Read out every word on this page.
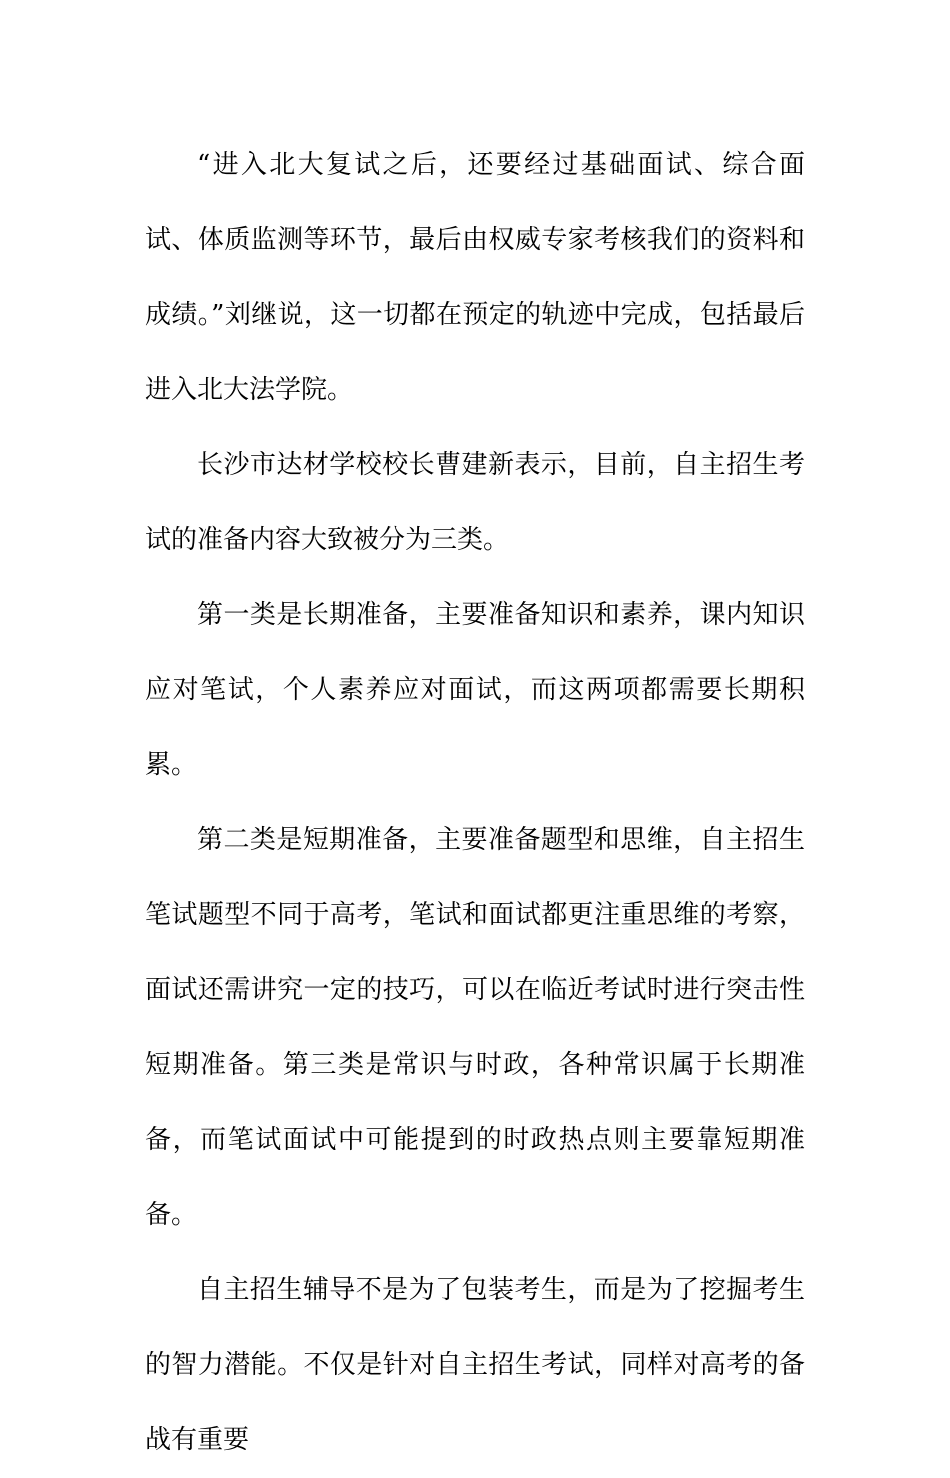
“进入北大复试之后，还要经过基础面试、综合面试、体质监测等环节，最后由权威专家考核我们的资料和成绩。”刘继说，这一切都在预定的轨迹中完成，包括最后进入北大法学院。

长沙市达材学校校长曹建新表示，目前，自主招生考试的准备内容大致被分为三类。

第一类是长期准备，主要准备知识和素养，课内知识应对笔试，个人素养应对面试，而这两项都需要长期积累。

第二类是短期准备，主要准备题型和思维，自主招生笔试题型不同于高考，笔试和面试都更注重思维的考察，面试还需讲究一定的技巧，可以在临近考试时进行突击性短期准备。第三类是常识与时政，各种常识属于长期准备，而笔试面试中可能提到的时政热点则主要靠短期准备。

自主招生辅导不是为了包装考生，而是为了挖掘考生的智力潜能。不仅是针对自主招生考试，同样对高考的备战有重要
